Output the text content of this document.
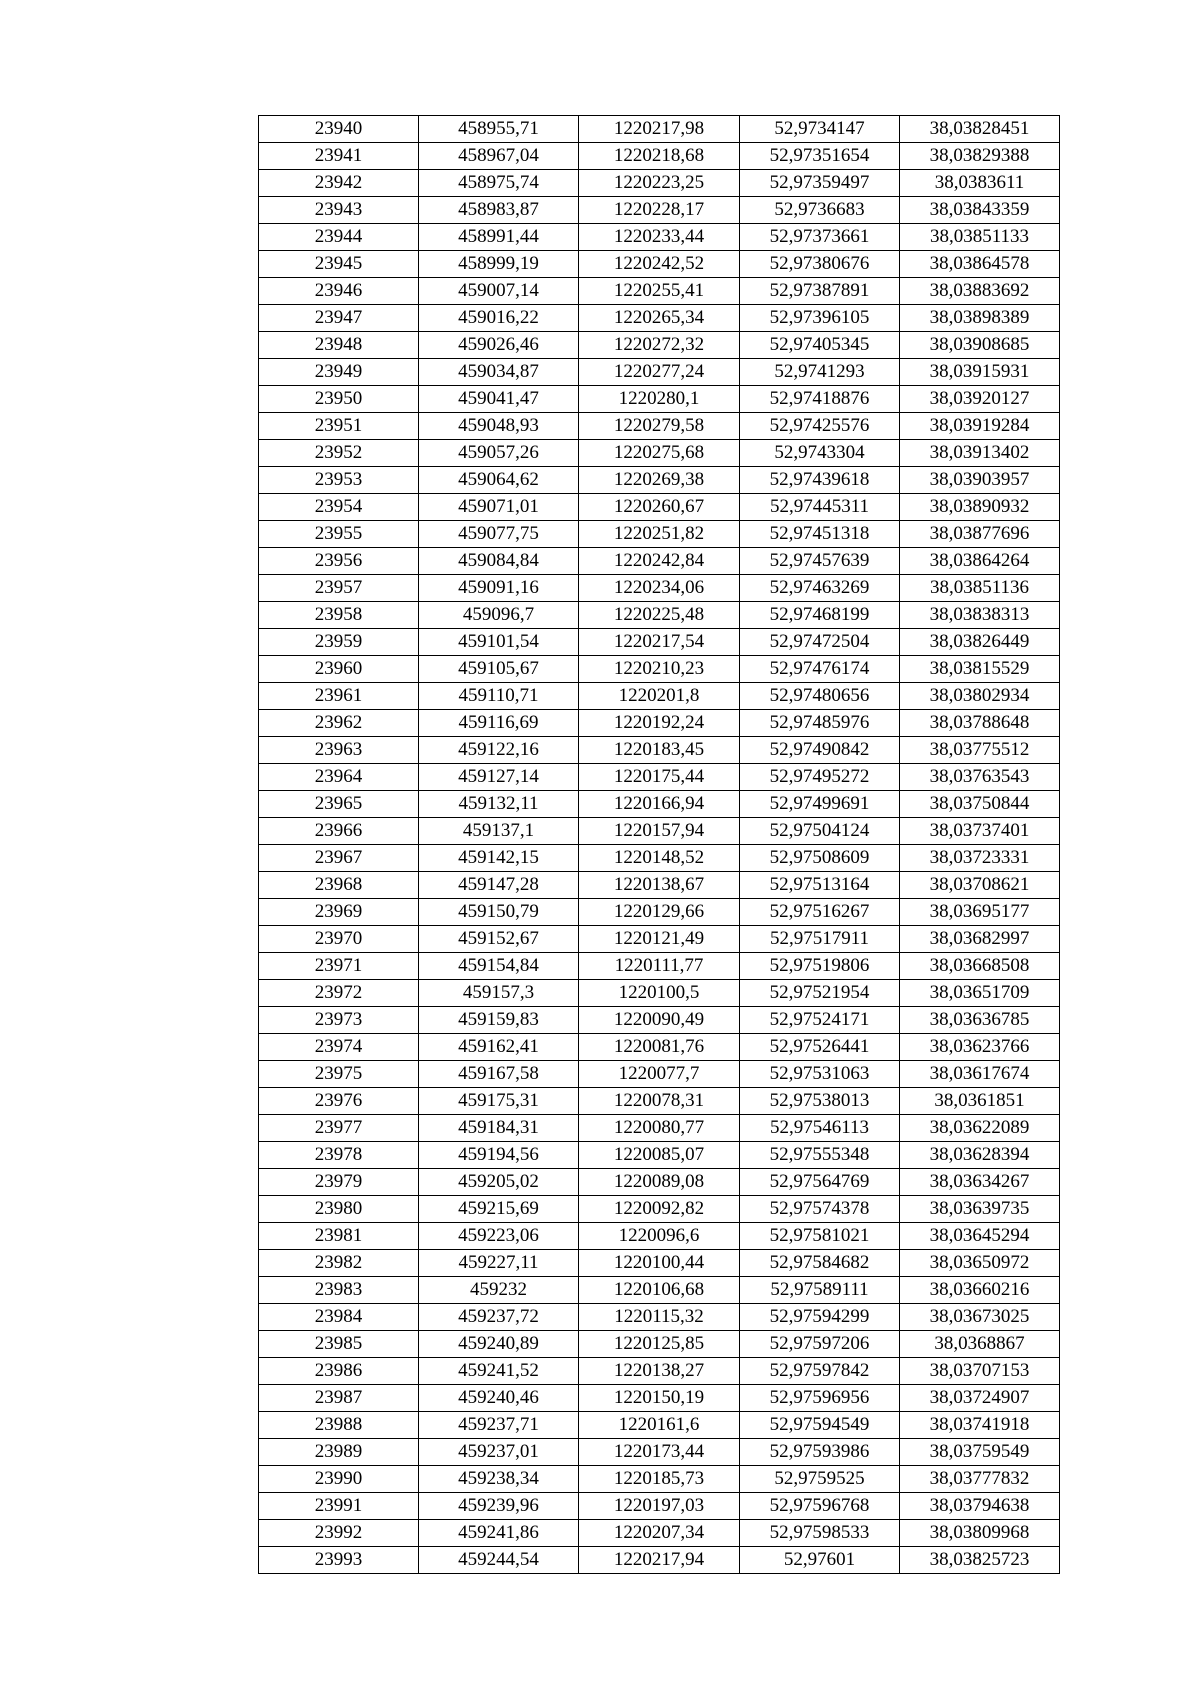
23940	458955,71	1220217,98	52,9734147	38,03828451
23941	458967,04	1220218,68	52,97351654	38,03829388
23942	458975,74	1220223,25	52,97359497	38,0383611
23943	458983,87	1220228,17	52,9736683	38,03843359
23944	458991,44	1220233,44	52,97373661	38,03851133
23945	458999,19	1220242,52	52,97380676	38,03864578
23946	459007,14	1220255,41	52,97387891	38,03883692
23947	459016,22	1220265,34	52,97396105	38,03898389
23948	459026,46	1220272,32	52,97405345	38,03908685
23949	459034,87	1220277,24	52,9741293	38,03915931
23950	459041,47	1220280,1	52,97418876	38,03920127
23951	459048,93	1220279,58	52,97425576	38,03919284
23952	459057,26	1220275,68	52,9743304	38,03913402
23953	459064,62	1220269,38	52,97439618	38,03903957
23954	459071,01	1220260,67	52,97445311	38,03890932
23955	459077,75	1220251,82	52,97451318	38,03877696
23956	459084,84	1220242,84	52,97457639	38,03864264
23957	459091,16	1220234,06	52,97463269	38,03851136
23958	459096,7	1220225,48	52,97468199	38,03838313
23959	459101,54	1220217,54	52,97472504	38,03826449
23960	459105,67	1220210,23	52,97476174	38,03815529
23961	459110,71	1220201,8	52,97480656	38,03802934
23962	459116,69	1220192,24	52,97485976	38,03788648
23963	459122,16	1220183,45	52,97490842	38,03775512
23964	459127,14	1220175,44	52,97495272	38,03763543
23965	459132,11	1220166,94	52,97499691	38,03750844
23966	459137,1	1220157,94	52,97504124	38,03737401
23967	459142,15	1220148,52	52,97508609	38,03723331
23968	459147,28	1220138,67	52,97513164	38,03708621
23969	459150,79	1220129,66	52,97516267	38,03695177
23970	459152,67	1220121,49	52,97517911	38,03682997
23971	459154,84	1220111,77	52,97519806	38,03668508
23972	459157,3	1220100,5	52,97521954	38,03651709
23973	459159,83	1220090,49	52,97524171	38,03636785
23974	459162,41	1220081,76	52,97526441	38,03623766
23975	459167,58	1220077,7	52,97531063	38,03617674
23976	459175,31	1220078,31	52,97538013	38,0361851
23977	459184,31	1220080,77	52,97546113	38,03622089
23978	459194,56	1220085,07	52,97555348	38,03628394
23979	459205,02	1220089,08	52,97564769	38,03634267
23980	459215,69	1220092,82	52,97574378	38,03639735
23981	459223,06	1220096,6	52,97581021	38,03645294
23982	459227,11	1220100,44	52,97584682	38,03650972
23983	459232	1220106,68	52,97589111	38,03660216
23984	459237,72	1220115,32	52,97594299	38,03673025
23985	459240,89	1220125,85	52,97597206	38,0368867
23986	459241,52	1220138,27	52,97597842	38,03707153
23987	459240,46	1220150,19	52,97596956	38,03724907
23988	459237,71	1220161,6	52,97594549	38,03741918
23989	459237,01	1220173,44	52,97593986	38,03759549
23990	459238,34	1220185,73	52,9759525	38,03777832
23991	459239,96	1220197,03	52,97596768	38,03794638
23992	459241,86	1220207,34	52,97598533	38,03809968
23993	459244,54	1220217,94	52,97601	38,03825723
